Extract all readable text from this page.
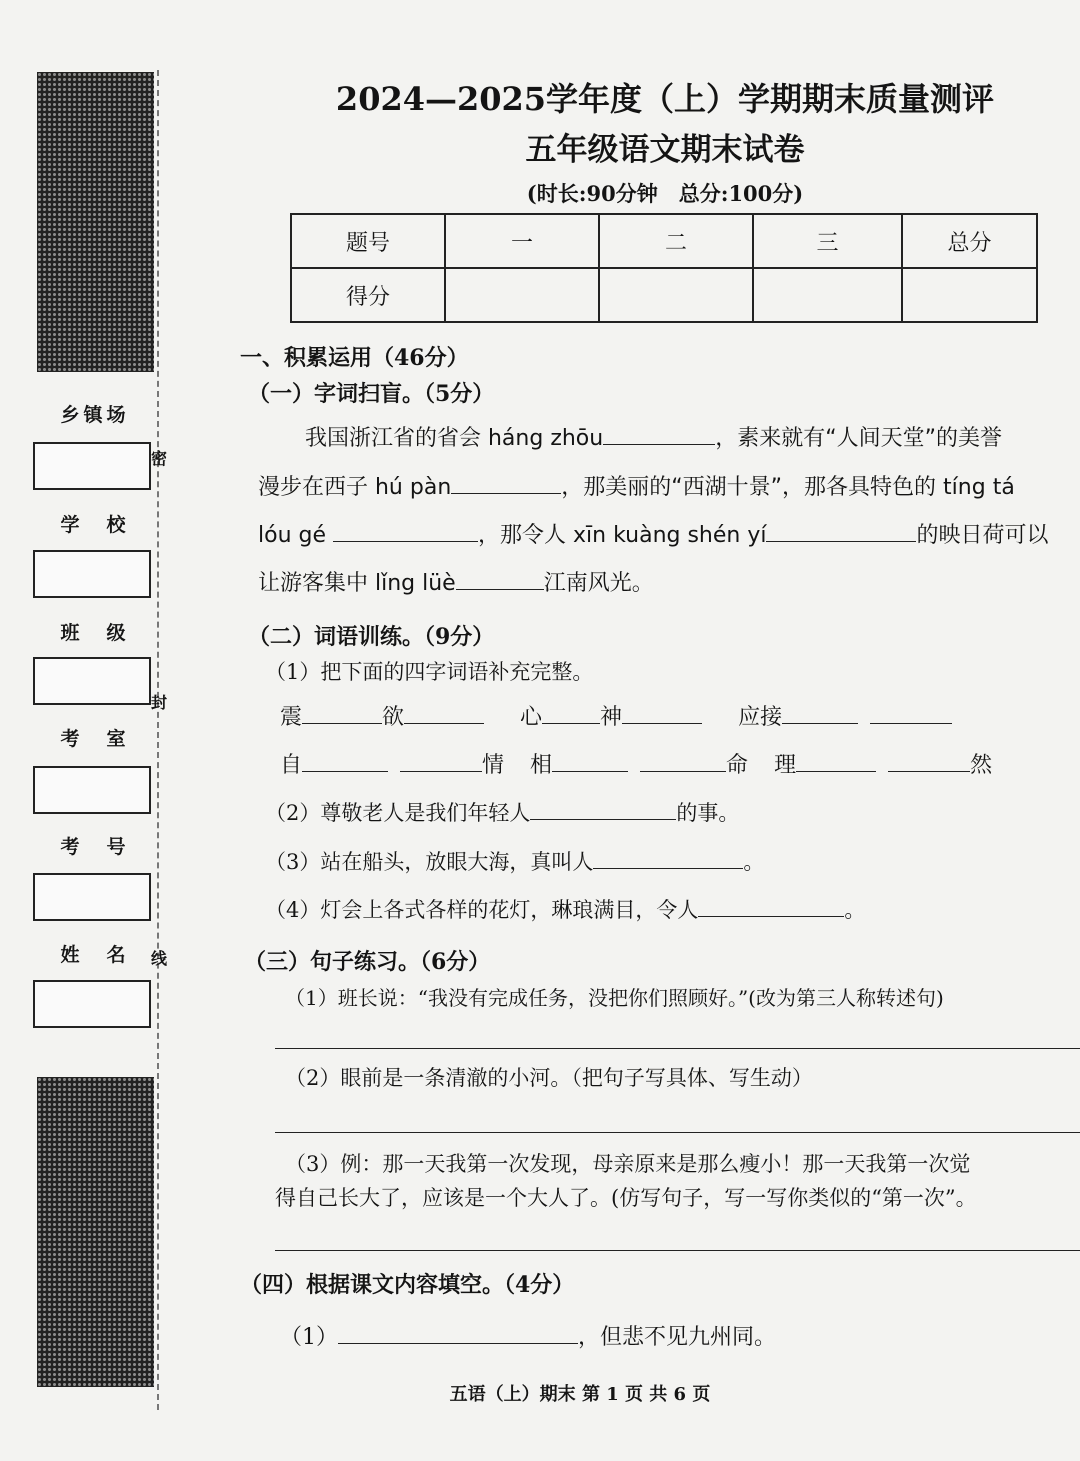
乡镇场
密
学　校
班　级
封
考　室
考　号
姓　名	线
2024—2025学年度（上）学期期末质量测评
五年级语文期末试卷
(时长:90分钟　总分:100分)
题号	一	二	三	总分
得分				
一、积累运用（46分）
（一）字词扫盲。（5分）
我国浙江省的省会 háng zhōu	，素来就有“人间天堂”的美誉
漫步在西子 hú pàn	，那美丽的“西湖十景”，那各具特色的 tíng tá
lóu gé	，那令人 xīn kuàng shén yí	的映日荷可以
让游客集中 lǐng lüè	江南风光。
（二）词语训练。（9分）
（1）把下面的四字词语补充完整。
震	欲	心	神	应接
自	情 相	命 理	然
（2）尊敬老人是我们年轻人	的事。
（3）站在船头，放眼大海，真叫人	。
（4）灯会上各式各样的花灯，琳琅满目，令人	。
（三）句子练习。（6分）
（1）班长说：“我没有完成任务，没把你们照顾好。”(改为第三人称转述句)
（2）眼前是一条清澈的小河。（把句子写具体、写生动）
（3）例：那一天我第一次发现，母亲原来是那么瘦小！那一天我第一次觉
得自己长大了，应该是一个大人了。(仿写句子，写一写你类似的“第一次”。
（四）根据课文内容填空。（4分）
（1）	，但悲不见九州同。
五语（上）期末 第 1 页 共 6 页
